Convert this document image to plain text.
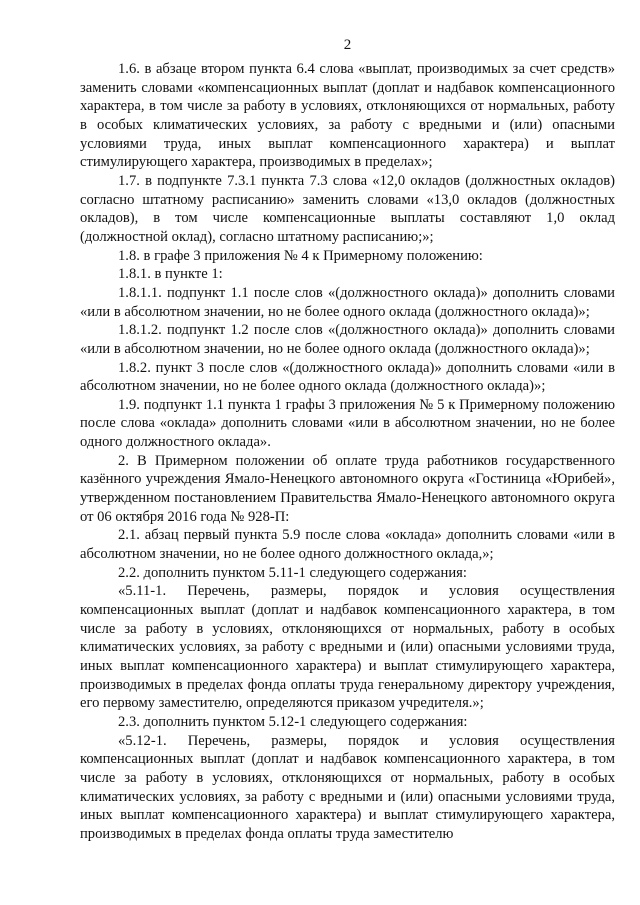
2

1.6. в абзаце втором пункта 6.4 слова «выплат, производимых за счет средств» заменить словами «компенсационных выплат (доплат и надбавок компенсационного характера, в том числе за работу в условиях, отклоняющихся от нормальных, работу в особых климатических условиях, за работу с вредными и (или) опасными условиями труда, иных выплат компенсационного характера) и выплат стимулирующего характера, производимых в пределах»;

1.7. в подпункте 7.3.1 пункта 7.3 слова «12,0 окладов (должностных окладов) согласно штатному расписанию» заменить словами «13,0 окладов (должностных окладов), в том числе компенсационные выплаты составляют 1,0 оклад (должностной оклад), согласно штатному расписанию;»;

1.8. в графе 3 приложения № 4 к Примерному положению:

1.8.1. в пункте 1:

1.8.1.1. подпункт 1.1 после слов «(должностного оклада)» дополнить словами «или в абсолютном значении, но не более одного оклада (должностного оклада)»;

1.8.1.2. подпункт 1.2 после слов «(должностного оклада)» дополнить словами «или в абсолютном значении, но не более одного оклада (должностного оклада)»;

1.8.2. пункт 3 после слов «(должностного оклада)» дополнить словами «или в абсолютном значении, но не более одного оклада (должностного оклада)»;

1.9. подпункт 1.1 пункта 1 графы 3 приложения № 5 к Примерному положению после слова «оклада» дополнить словами «или в абсолютном значении, но не более одного должностного оклада».

2. В Примерном положении об оплате труда работников государственного казённого учреждения Ямало-Ненецкого автономного округа «Гостиница «Юрибей», утвержденном постановлением Правительства Ямало-Ненецкого автономного округа от 06 октября 2016 года № 928-П:

2.1. абзац первый пункта 5.9 после слова «оклада» дополнить словами «или в абсолютном значении, но не более одного должностного оклада,»;

2.2. дополнить пунктом 5.11-1 следующего содержания:

«5.11-1. Перечень, размеры, порядок и условия осуществления компенсационных выплат (доплат и надбавок компенсационного характера, в том числе за работу в условиях, отклоняющихся от нормальных, работу в особых климатических условиях, за работу с вредными и (или) опасными условиями труда, иных выплат компенсационного характера) и выплат стимулирующего характера, производимых в пределах фонда оплаты труда генеральному директору учреждения, его первому заместителю, определяются приказом учредителя.»;

2.3. дополнить пунктом 5.12-1 следующего содержания:

«5.12-1. Перечень, размеры, порядок и условия осуществления компенсационных выплат (доплат и надбавок компенсационного характера, в том числе за работу в условиях, отклоняющихся от нормальных, работу в особых климатических условиях, за работу с вредными и (или) опасными условиями труда, иных выплат компенсационного характера) и выплат стимулирующего характера, производимых в пределах фонда оплаты труда заместителю
